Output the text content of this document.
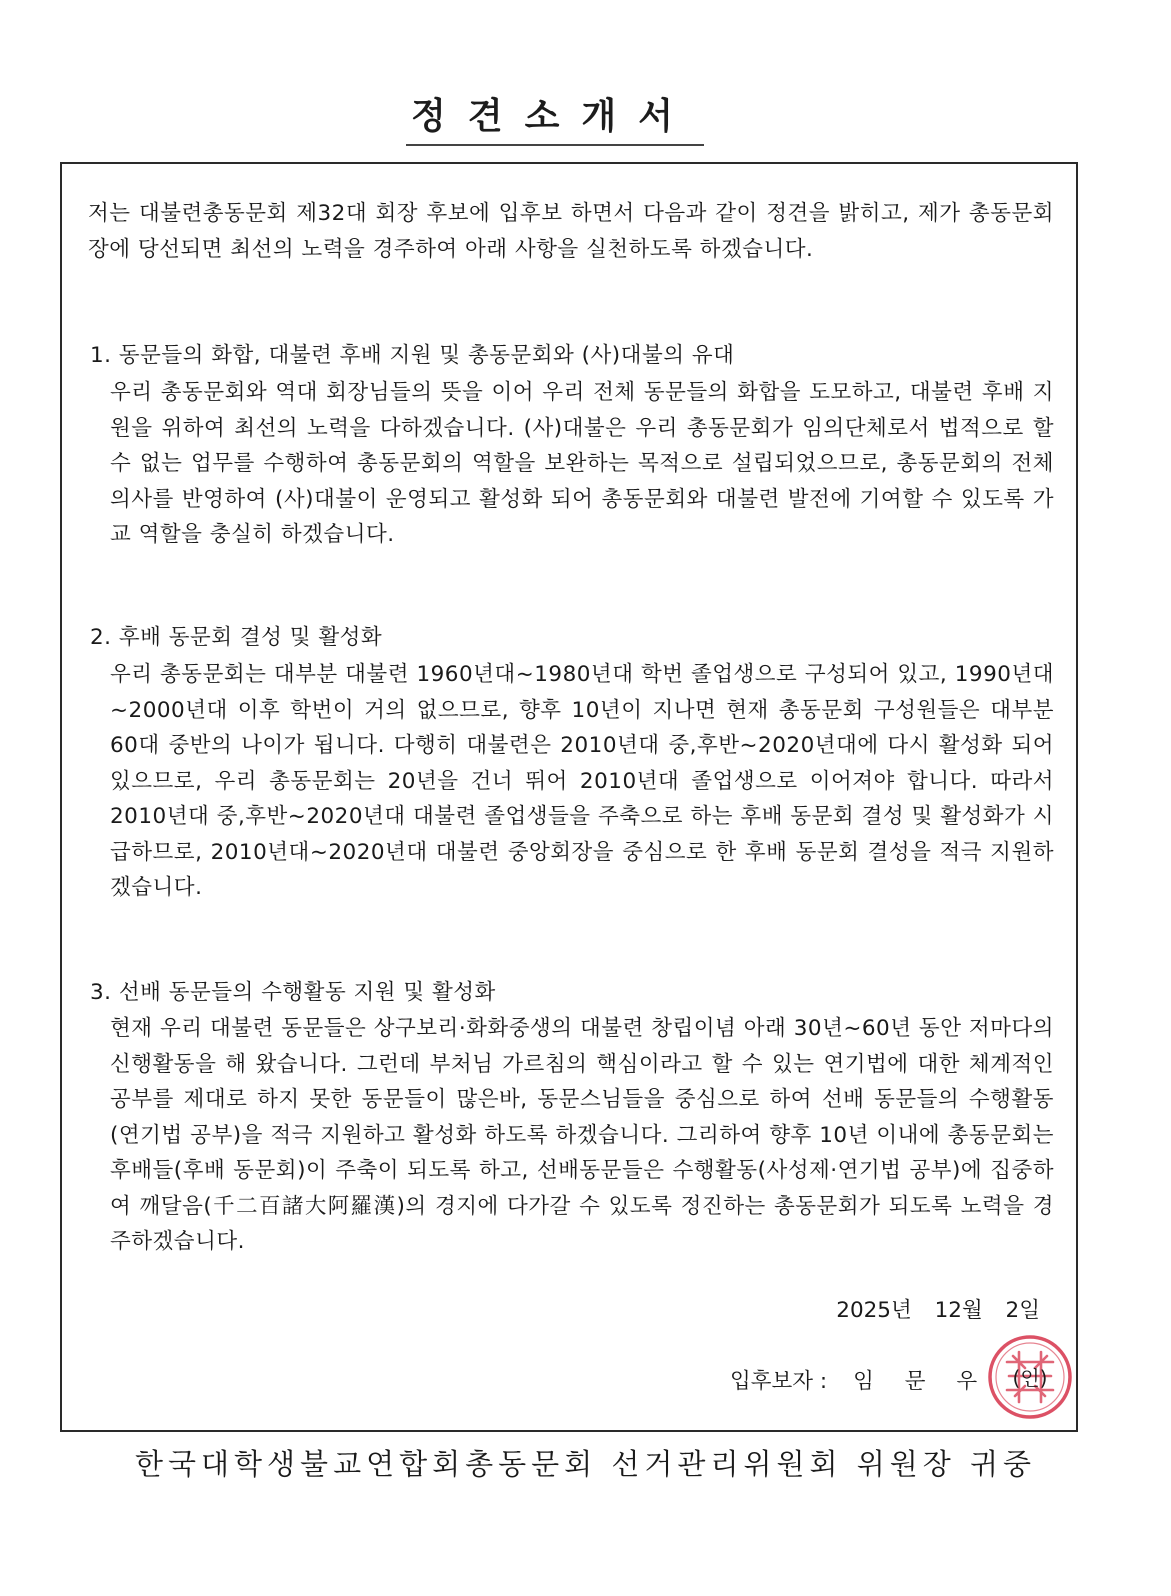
정견소개서
저는 대불련총동문회 제32대 회장 후보에 입후보 하면서 다음과 같이 정견을 밝히고, 제가 총동문회장에 당선되면 최선의 노력을 경주하여 아래 사항을 실천하도록 하겠습니다.
1. 동문들의 화합, 대불련 후배 지원 및 총동문회와 (사)대불의 유대
우리 총동문회와 역대 회장님들의 뜻을 이어 우리 전체 동문들의 화합을 도모하고, 대불련 후배 지원을 위하여 최선의 노력을 다하겠습니다. (사)대불은 우리 총동문회가 임의단체로서 법적으로 할 수 없는 업무를 수행하여 총동문회의 역할을 보완하는 목적으로 설립되었으므로, 총동문회의 전체 의사를 반영하여 (사)대불이 운영되고 활성화 되어 총동문회와 대불련 발전에 기여할 수 있도록 가교 역할을 충실히 하겠습니다.
2. 후배 동문회 결성 및 활성화
우리 총동문회는 대부분 대불련 1960년대~1980년대 학번 졸업생으로 구성되어 있고, 1990년대~2000년대 이후 학번이 거의 없으므로, 향후 10년이 지나면 현재 총동문회 구성원들은 대부분 60대 중반의 나이가 됩니다. 다행히 대불련은 2010년대 중,후반~2020년대에 다시 활성화 되어 있으므로, 우리 총동문회는 20년을 건너 뛰어 2010년대 졸업생으로 이어져야 합니다. 따라서 2010년대 중,후반~2020년대 대불련 졸업생들을 주축으로 하는 후배 동문회 결성 및 활성화가 시급하므로, 2010년대~2020년대 대불련 중앙회장을 중심으로 한 후배 동문회 결성을 적극 지원하겠습니다.
3. 선배 동문들의 수행활동 지원 및 활성화
현재 우리 대불련 동문들은 상구보리·화화중생의 대불련 창립이념 아래 30년~60년 동안 저마다의 신행활동을 해 왔습니다. 그런데 부처님 가르침의 핵심이라고 할 수 있는 연기법에 대한 체계적인 공부를 제대로 하지 못한 동문들이 많은바, 동문스님들을 중심으로 하여 선배 동문들의 수행활동(연기법 공부)을 적극 지원하고 활성화 하도록 하겠습니다. 그리하여 향후 10년 이내에 총동문회는 후배들(후배 동문회)이 주축이 되도록 하고, 선배동문들은 수행활동(사성제·연기법 공부)에 집중하여 깨달음(千二百諸大阿羅漢)의 경지에 다가갈 수 있도록 정진하는 총동문회가 되도록 노력을 경주하겠습니다.
2025년 12월 2일
입후보자 : 임 문 우 (인)
한국대학생불교연합회총동문회 선거관리위원회 위원장 귀중
